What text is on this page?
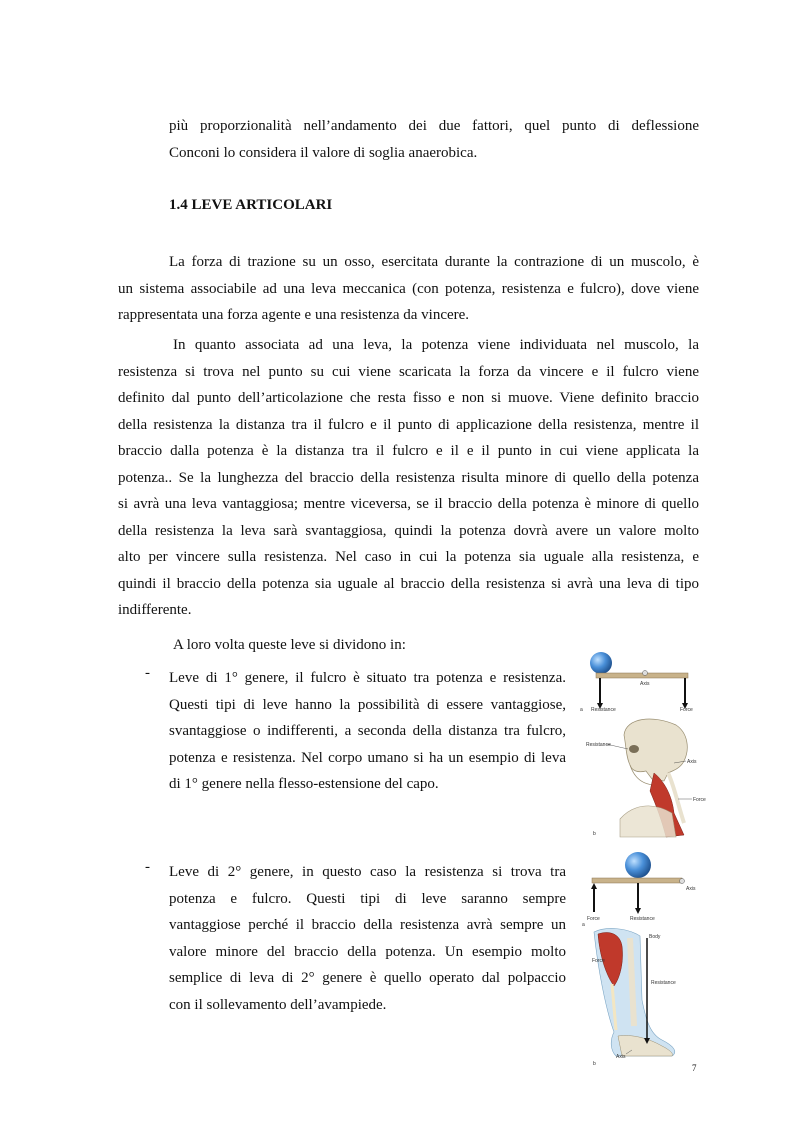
più proporzionalità nell’andamento dei due fattori, quel punto di deflessione
Conconi lo considera il valore di soglia anaerobica.
1.4 LEVE ARTICOLARI
La forza di trazione su un osso, esercitata durante la contrazione di un muscolo, è
un sistema associabile ad una leva meccanica (con potenza, resistenza e fulcro), dove viene
rappresentata una forza agente e una resistenza da vincere.
In quanto associata ad una leva, la potenza viene individuata nel muscolo, la
resistenza si trova nel punto su cui viene scaricata la forza da vincere e il fulcro viene
definito dal punto dell’articolazione che resta fisso e non si muove. Viene definito braccio
della resistenza la distanza tra il fulcro e il punto di applicazione della resistenza, mentre il
braccio dalla potenza è la distanza tra il fulcro e il e il punto in cui viene applicata la
potenza.. Se la lunghezza del braccio della resistenza risulta minore di quello della potenza
si avrà una leva vantaggiosa; mentre viceversa, se il braccio della potenza è minore di quello
della resistenza la leva sarà svantaggiosa, quindi la potenza dovrà avere un valore molto
alto per vincere sulla resistenza. Nel caso in cui la potenza sia uguale alla resistenza, e
quindi il braccio della potenza sia uguale al braccio della resistenza si avrà una leva di tipo
indifferente.
A loro volta queste leve si dividono in:
- Leve di 1° genere, il fulcro è situato tra potenza e resistenza.
Questi tipi di leve hanno la possibilità di essere vantaggiose,
svantaggiose o indifferenti, a seconda della distanza tra fulcro,
potenza e resistenza. Nel corpo umano si ha un esempio di leva
di 1° genere nella flesso-estensione del capo.
- Leve di 2° genere, in questo caso la resistenza si trova tra
potenza e fulcro. Questi tipi di leve saranno sempre
vantaggiose perché il braccio della resistenza avrà sempre un
valore minore del braccio della potenza. Un esempio molto
semplice di leva di 2° genere è quello operato dal polpaccio
con il sollevamento dell’avampiede.
Axis
a Resistance	Force
Resistance
Axis
Force
b
Axis
Force	Resistance
a
Body
Force
Resistance
Axis
b	7
